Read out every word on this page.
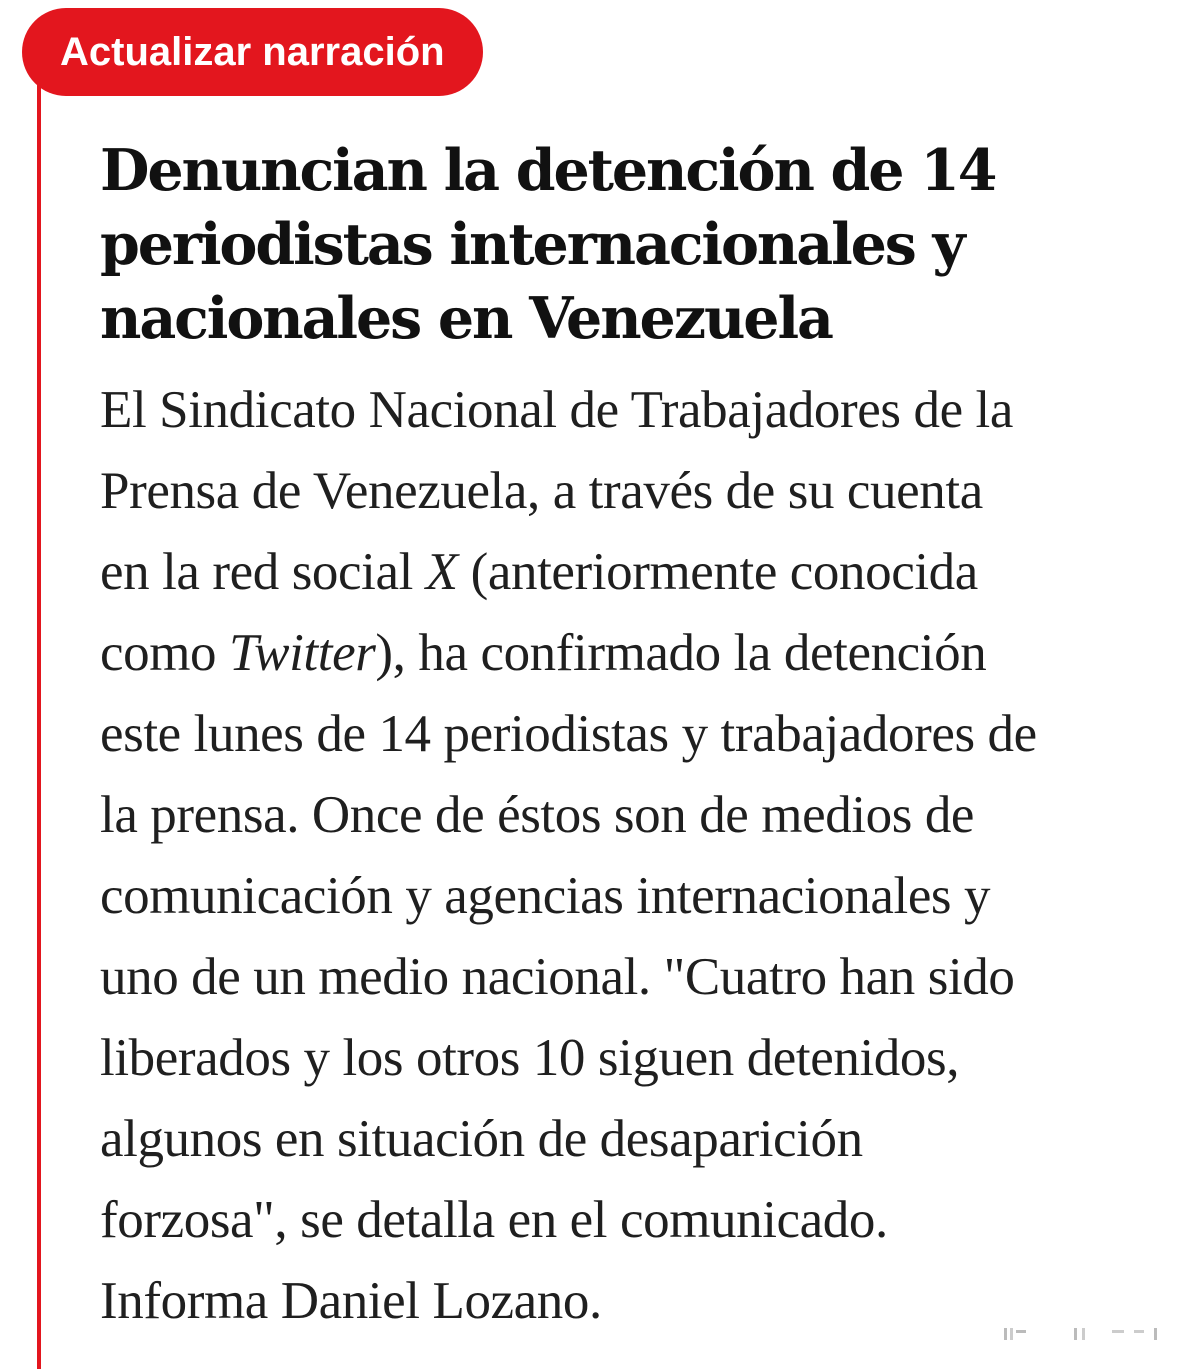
Actualizar narración
Denuncian la detención de 14 periodistas internacionales y nacionales en Venezuela

El Sindicato Nacional de Trabajadores de la
Prensa de Venezuela, a través de su cuenta
en la red social X (anteriormente conocida
como Twitter), ha confirmado la detención
este lunes de 14 periodistas y trabajadores de
la prensa. Once de éstos son de medios de
comunicación y agencias internacionales y
uno de un medio nacional. "Cuatro han sido
liberados y los otros 10 siguen detenidos,
algunos en situación de desaparición
forzosa", se detalla en el comunicado.
Informa Daniel Lozano.
